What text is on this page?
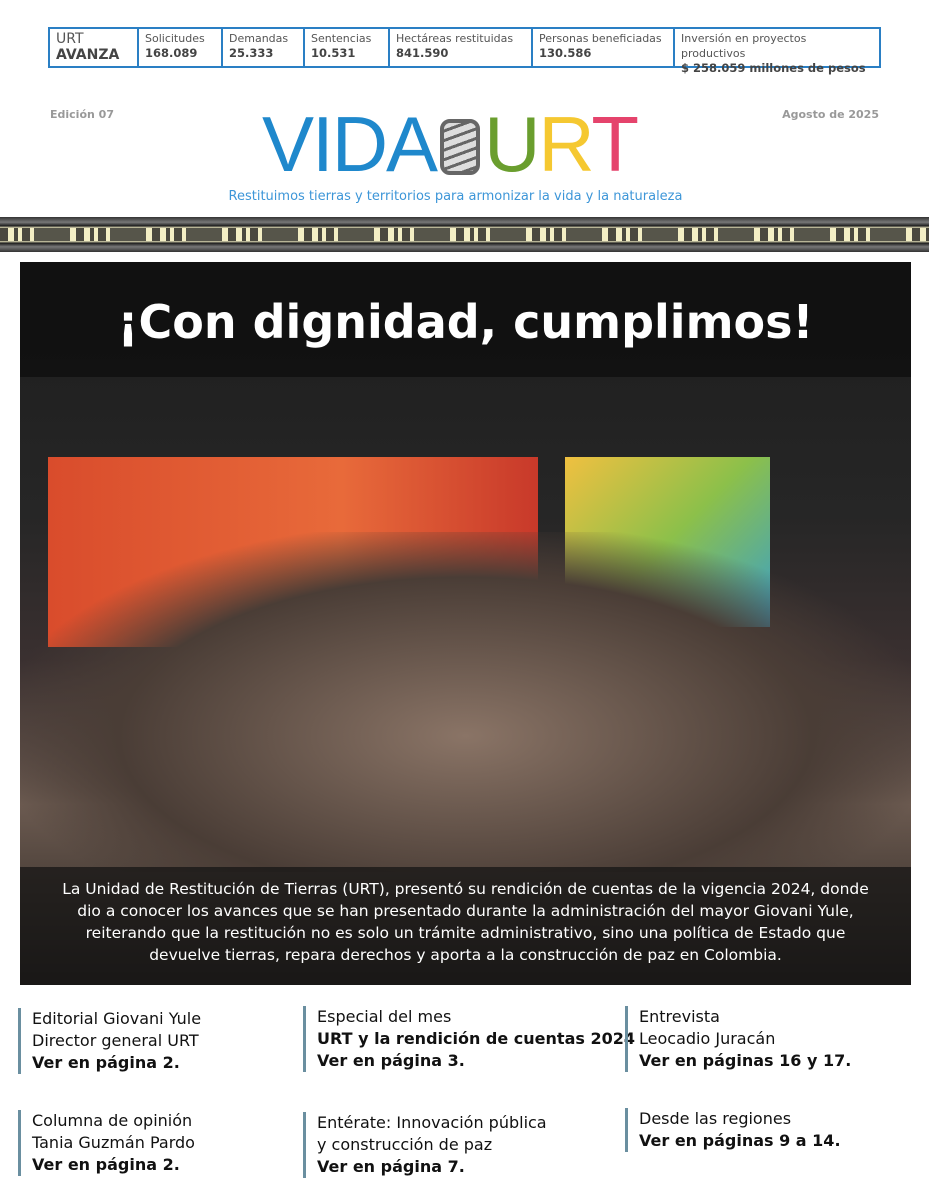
URT
AVANZA
Solicitudes
168.089
Demandas
25.333
Sentencias
10.531
Hectáreas restituidas
841.590
Personas beneficiadas
130.586
Inversión en proyectos productivos
$ 258.059 millones de pesos
Edición 07	Agosto de 2025
VIDA URT
Restituimos tierras y territorios para armonizar la vida y la naturaleza
¡Con dignidad, cumplimos!
La Unidad de Restitución de Tierras (URT), presentó su rendición de cuentas de la vigencia 2024, donde dio a conocer los avances que se han presentado durante la administración del mayor Giovani Yule, reiterando que la restitución no es solo un trámite administrativo, sino una política de Estado que devuelve tierras, repara derechos y aporta a la construcción de paz en Colombia.
Editorial Giovani Yule
Director general URT
Ver en página 2.
Especial del mes
URT y la rendición de cuentas 2024
Ver en página 3.
Entrevista
Leocadio Juracán
Ver en páginas 16 y 17.
Columna de opinión
Tania Guzmán Pardo
Ver en página 2.
Entérate: Innovación pública
y construcción de paz
Ver en página 7.
Desde las regiones
Ver en páginas 9 a 14.
